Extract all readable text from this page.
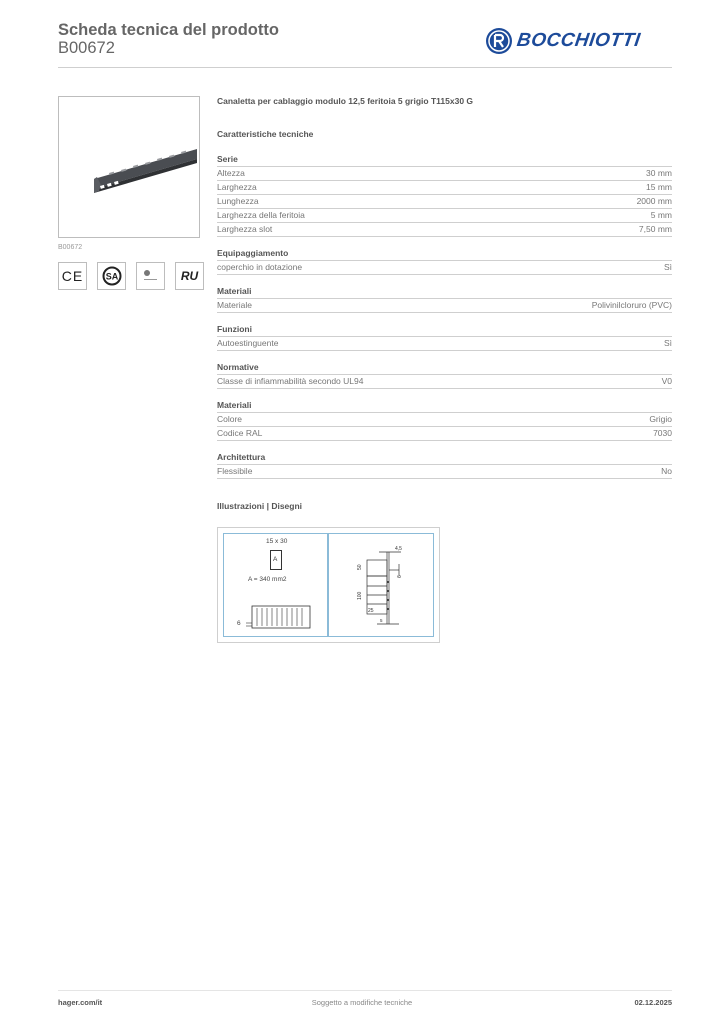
Scheda tecnica del prodotto
B00672	BOCCHIOTTI
B00672
CE SA	RU
Canaletta per cablaggio modulo 12,5 feritoia 5 grigio T115x30 G
Caratteristiche tecniche
Serie
Altezza	30 mm
Larghezza	15 mm
Lunghezza	2000 mm
Larghezza della feritoia	5 mm
Larghezza slot	7,50 mm
Equipaggiamento
coperchio in dotazione	Sì
Materiali
Materiale	Polivinilcloruro (PVC)
Funzioni
Autoestinguente	Sì
Normative
Classe di infiammabilità secondo UL94	V0
Materiali
Colore	Grigio
Codice RAL	7030
Architettura
Flessibile	No
Illustrazioni | Disegni
15 x 30
A
A = 340 mm2
6
4,5
50
100
25
6
5
hager.com/it	Soggetto a modifiche tecniche	02.12.2025
